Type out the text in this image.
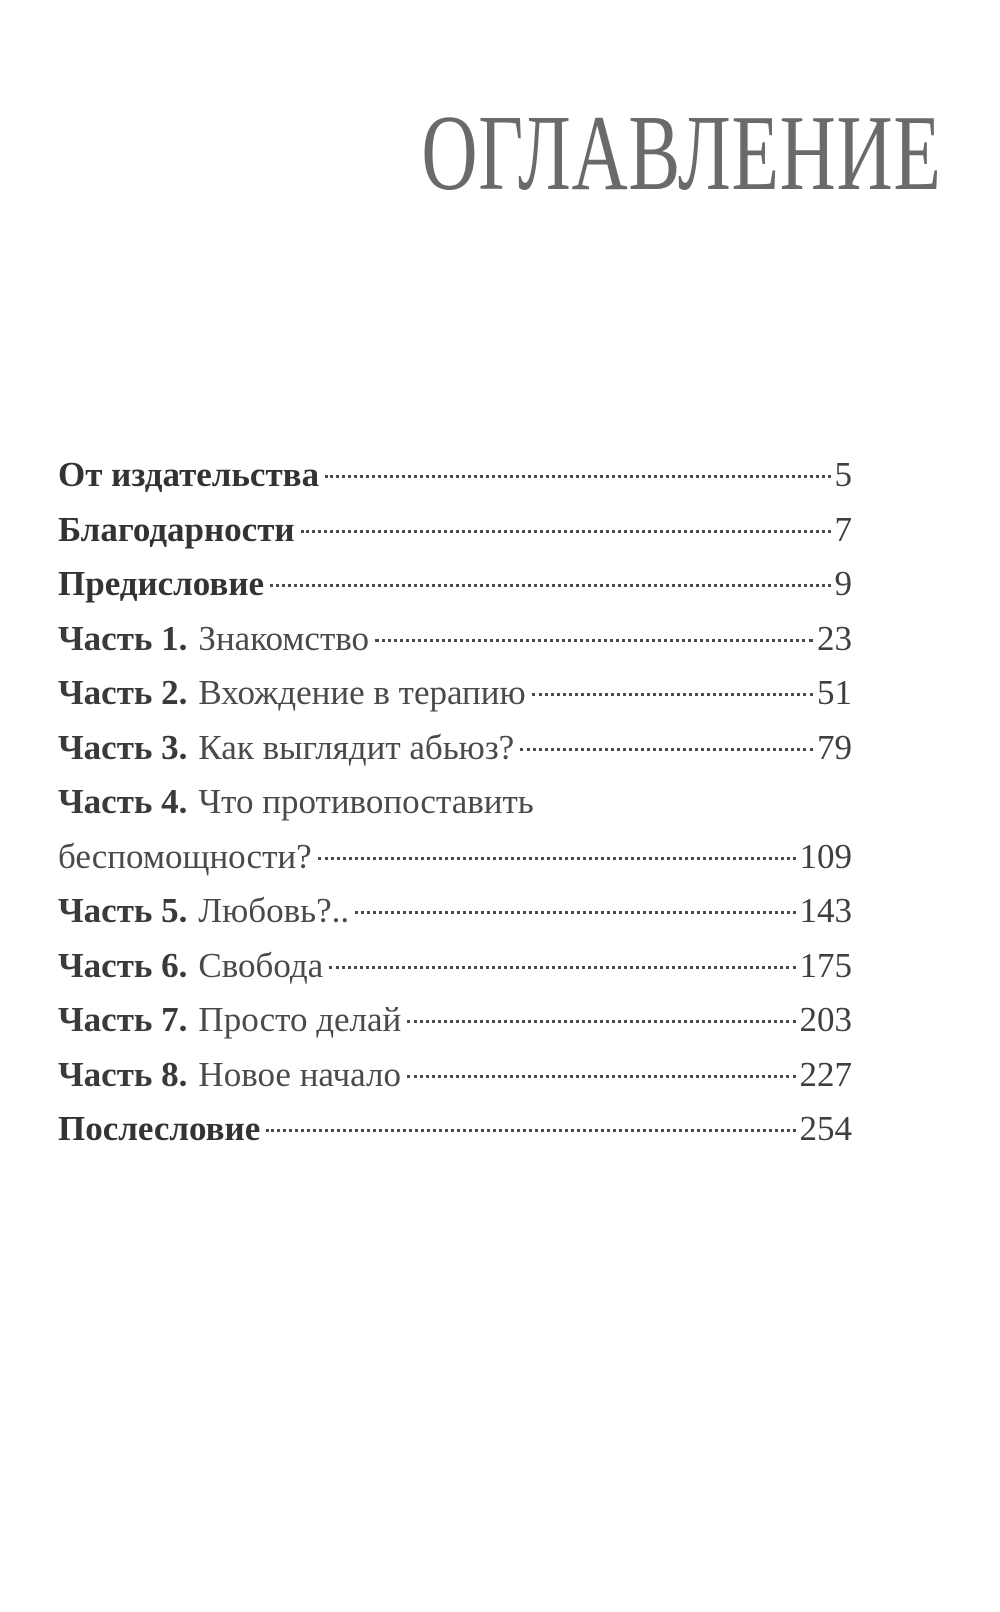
ОГЛАВЛЕНИЕ
От издательства	5
Благодарности	7
Предисловие	9
Часть 1. Знакомство	23
Часть 2. Вхождение в терапию	51
Часть 3. Как выглядит абьюз?	79
Часть 4. Что противопоставить
беспомощности?	109
Часть 5. Любовь?..	143
Часть 6. Свобода	175
Часть 7. Просто делай	203
Часть 8. Новое начало	227
Послесловие	254
